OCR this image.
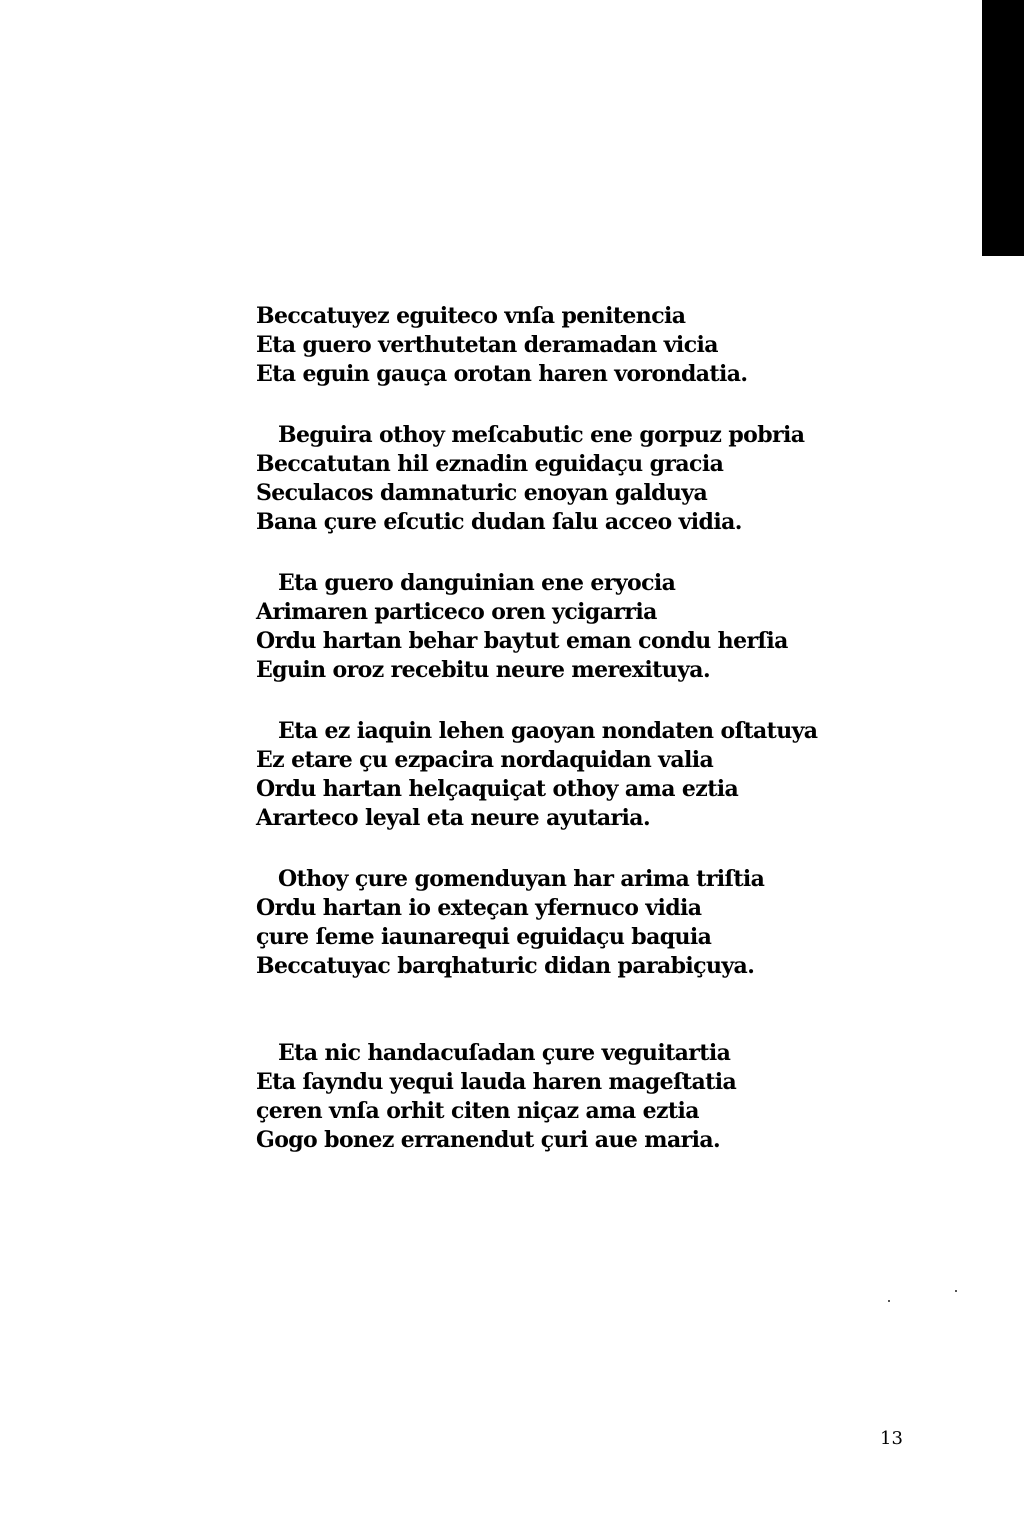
Beccatuyez eguiteco vnſa penitencia
Eta guero verthutetan deramadan vicia
Eta eguin gauça orotan haren vorondatia.
Beguira othoy meſcabutic ene gorpuz pobria
Beccatutan hil eznadin eguidaçu gracia
Seculacos damnaturic enoyan galduya
Bana çure eſcutic dudan ſalu acceo vidia.
Eta guero danguinian ene eryocia
Arimaren particeco oren ycigarria
Ordu hartan behar baytut eman condu herſia
Eguin oroz recebitu neure merexituya.
Eta ez iaquin lehen gaoyan nondaten oſtatuya
Ez etare çu ezpacira nordaquidan valia
Ordu hartan helçaquiçat othoy ama eztia
Ararteco leyal eta neure ayutaria.
Othoy çure gomenduyan har arima triſtia
Ordu hartan io exteçan yfernuco vidia
çure ſeme iaunarequi eguidaçu baquia
Beccatuyac barqhaturic didan parabiçuya.
Eta nic handacuſadan çure veguitartia
Eta ſayndu yequi lauda haren mageſtatia
çeren vnſa orhit citen niçaz ama eztia
Gogo bonez erranendut çuri aue maria.
13
